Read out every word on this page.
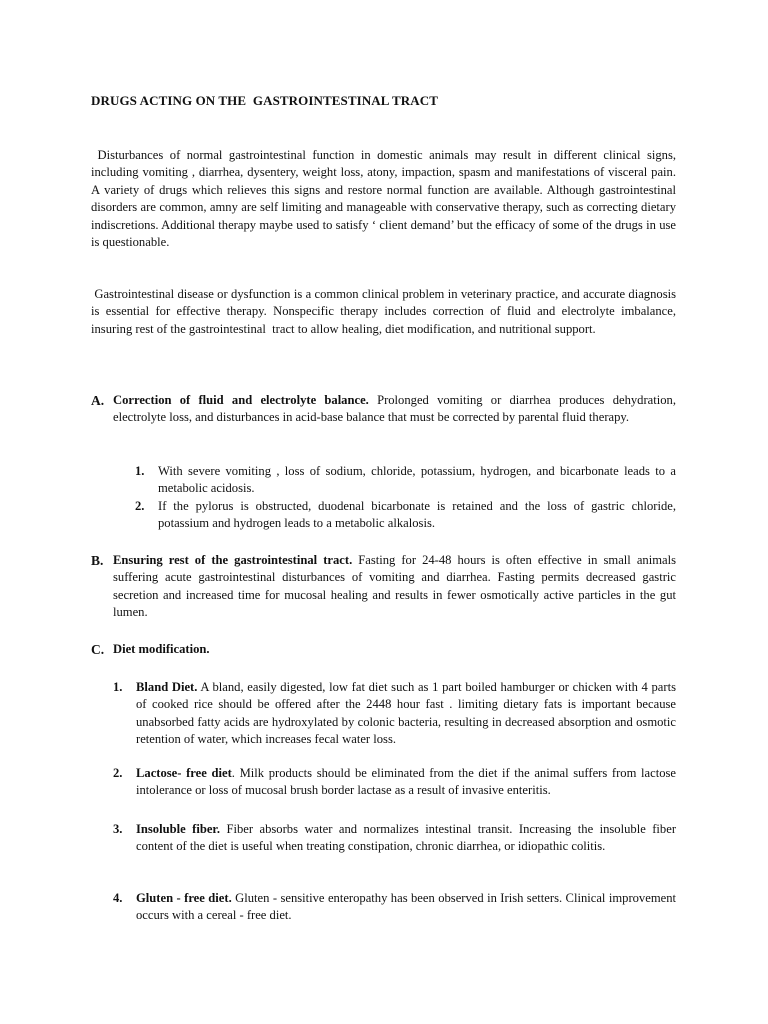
DRUGS ACTING ON THE  GASTROINTESTINAL TRACT

Disturbances of normal gastrointestinal function in domestic animals may result in different clinical signs, including vomiting , diarrhea, dysentery, weight loss, atony, impaction, spasm and manifestations of visceral pain. A variety of drugs which relieves this signs and restore normal function are available. Although gastrointestinal disorders are common, amny are self limiting and manageable with conservative therapy, such as correcting dietary indiscretions. Additional therapy maybe used to satisfy ‘ client demand’ but the efficacy of some of the drugs in use is questionable.

Gastrointestinal disease or dysfunction is a common clinical problem in veterinary practice, and accurate diagnosis is essential for effective therapy. Nonspecific therapy includes correction of fluid and electrolyte imbalance, insuring rest of the gastrointestinal  tract to allow healing, diet modification, and nutritional support.

A. Correction of fluid and electrolyte balance. Prolonged vomiting or diarrhea produces dehydration, electrolyte loss, and disturbances in acid-base balance that must be corrected by parental fluid therapy.
1. With severe vomiting , loss of sodium, chloride, potassium, hydrogen, and bicarbonate leads to a metabolic acidosis.
2. If the pylorus is obstructed, duodenal bicarbonate is retained and the loss of gastric chloride, potassium and hydrogen leads to a metabolic alkalosis.
B. Ensuring rest of the gastrointestinal tract. Fasting for 24-48 hours is often effective in small animals suffering acute gastrointestinal disturbances of vomiting and diarrhea. Fasting permits decreased gastric secretion and increased time for mucosal healing and results in fewer osmotically active particles in the gut lumen.
C. Diet modification.
1. Bland Diet. A bland, easily digested, low fat diet such as 1 part boiled hamburger or chicken with 4 parts of cooked rice should be offered after the 2448 hour fast . limiting dietary fats is important because unabsorbed fatty acids are hydroxylated by colonic bacteria, resulting in decreased absorption and osmotic retention of water, which increases fecal water loss.
2. Lactose- free diet. Milk products should be eliminated from the diet if the animal suffers from lactose intolerance or loss of mucosal brush border lactase as a result of invasive enteritis.
3. Insoluble fiber. Fiber absorbs water and normalizes intestinal transit. Increasing the insoluble fiber content of the diet is useful when treating constipation, chronic diarrhea, or idiopathic colitis.
4. Gluten - free diet. Gluten - sensitive enteropathy has been observed in Irish setters. Clinical improvement occurs with a cereal - free diet.
